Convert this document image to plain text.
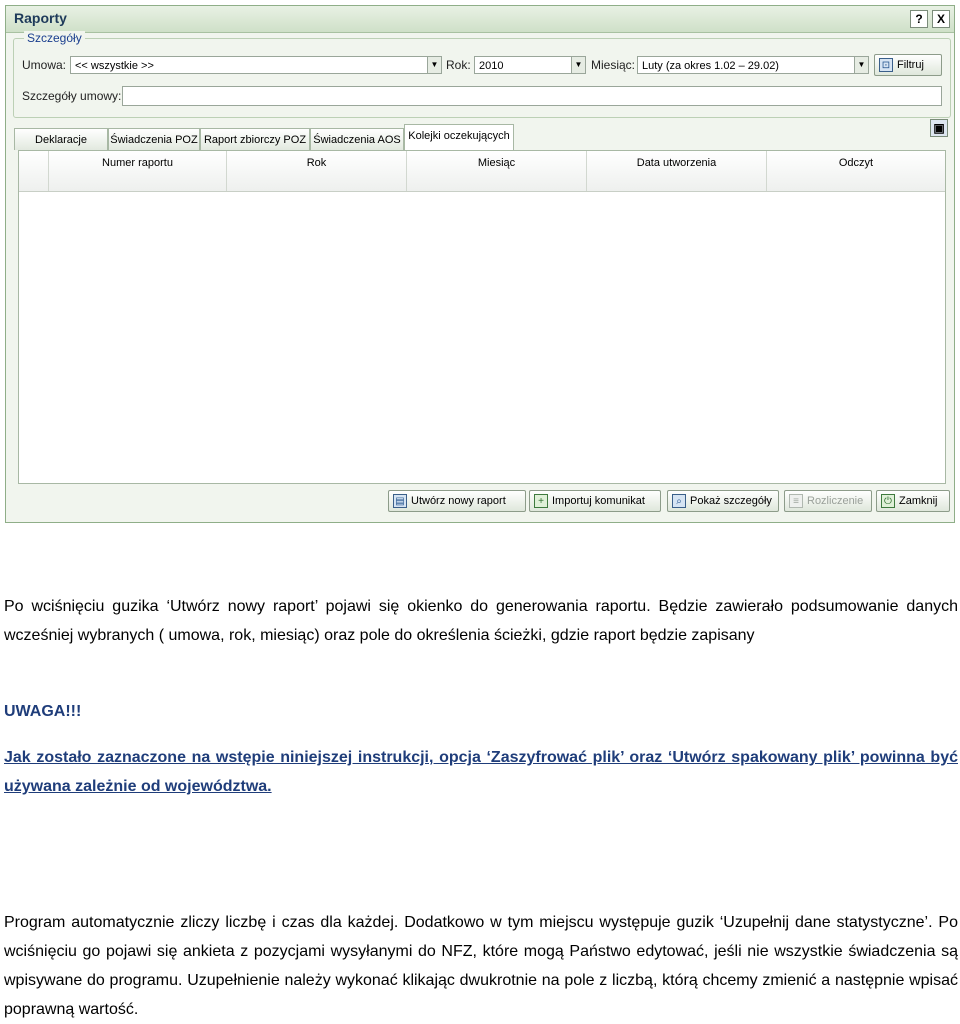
Raporty	?	X
Szczegóły
Umowa: << wszystkie >>	▼ Rok: 2010	▼ Miesiąc: Luty (za okres 1.02 – 29.02)	▼ ⊡ Filtruj
Szczegóły umowy:
Deklaracje	Świadczenia POZ Raport zbiorczy POZ Świadczenia AOS Kolejki oczekujących
▣
Numer raportu	Rok	Miesiąc	Data utworzenia	Odczyt
▤ Utwórz nowy raport	+ Importuj komunikat	⌕ Pokaż szczegóły	≡ Rozliczenie	⏻ Zamknij
Po wciśnięciu guzika ‘Utwórz nowy raport’ pojawi się okienko do generowania raportu. Będzie zawierało podsumowanie danych wcześniej wybranych ( umowa, rok, miesiąc) oraz pole do określenia ścieżki, gdzie raport będzie zapisany
UWAGA!!!
Jak zostało zaznaczone na wstępie niniejszej instrukcji, opcja ‘Zaszyfrować plik’ oraz ‘Utwórz spakowany plik’ powinna być używana zależnie od województwa.
Program automatycznie zliczy liczbę i czas dla każdej. Dodatkowo w tym miejscu występuje guzik ‘Uzupełnij dane statystyczne’. Po wciśnięciu go pojawi się ankieta z pozycjami wysyłanymi do NFZ, które mogą Państwo edytować, jeśli nie wszystkie świadczenia są wpisywane do programu. Uzupełnienie należy wykonać klikając dwukrotnie na pole z liczbą, którą chcemy zmienić a następnie wpisać poprawną wartość.
